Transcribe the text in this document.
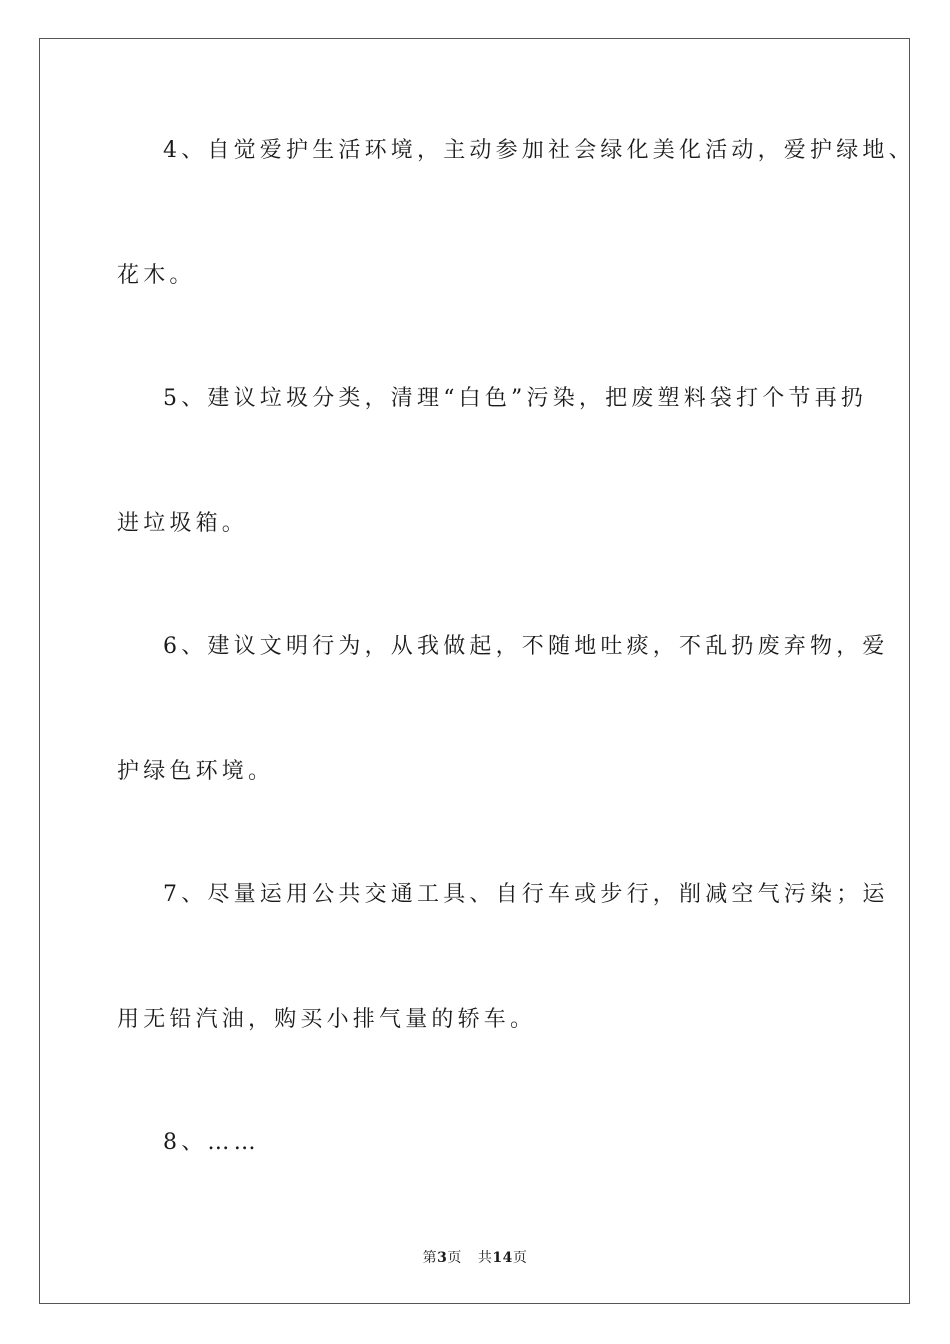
4、自觉爱护生活环境，主动参加社会绿化美化活动，爱护绿地、
花木。
5、建议垃圾分类，清理“白色”污染，把废塑料袋打个节再扔
进垃圾箱。
6、建议文明行为，从我做起，不随地吐痰，不乱扔废弃物，爱
护绿色环境。
7、尽量运用公共交通工具、自行车或步行，削减空气污染；运
用无铅汽油，购买小排气量的轿车。
8、……
第3页 共14页
